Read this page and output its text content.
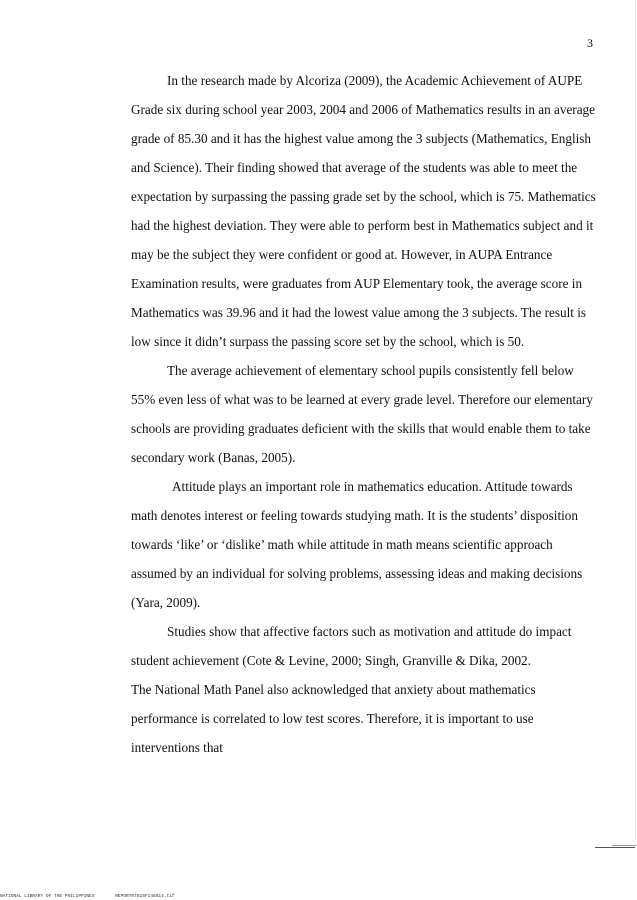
3

In the research made by Alcoriza (2009), the Academic Achievement of AUPE Grade six during school year 2003, 2004 and 2006 of Mathematics results in an average grade of 85.30 and it has the highest value among the 3 subjects (Mathematics, English and Science). Their finding showed that average of the students was able to meet the expectation by surpassing the passing grade set by the school, which is 75. Mathematics had the highest deviation. They were able to perform best in Mathematics subject and it may be the subject they were confident or good at. However, in AUPA Entrance Examination results, were graduates from AUP Elementary took, the average score in Mathematics was 39.96 and it had the lowest value among the 3 subjects. The result is low since it didn’t surpass the passing score set by the school, which is 50.

The average achievement of elementary school pupils consistently fell below 55% even less of what was to be learned at every grade level. Therefore our elementary schools are providing graduates deficient with the skills that would enable them to take secondary work (Banas, 2005).

Attitude plays an important role in mathematics education. Attitude towards math denotes interest or feeling towards studying math. It is the students’ disposition towards ‘like’ or ‘dislike’ math while attitude in math means scientific approach assumed by an individual for solving problems, assessing ideas and making decisions (Yara, 2009).

Studies show that affective factors such as motivation and attitude do impact student achievement (Cote & Levine, 2000; Singh, Granville & Dika, 2002.

The National Math Panel also acknowledged that anxiety about mathematics performance is correlated to low test scores. Therefore, it is important to use interventions that

NATIONAL LIBRARY OF THE PHILIPPINES	REPORT07815FI48014.tif
